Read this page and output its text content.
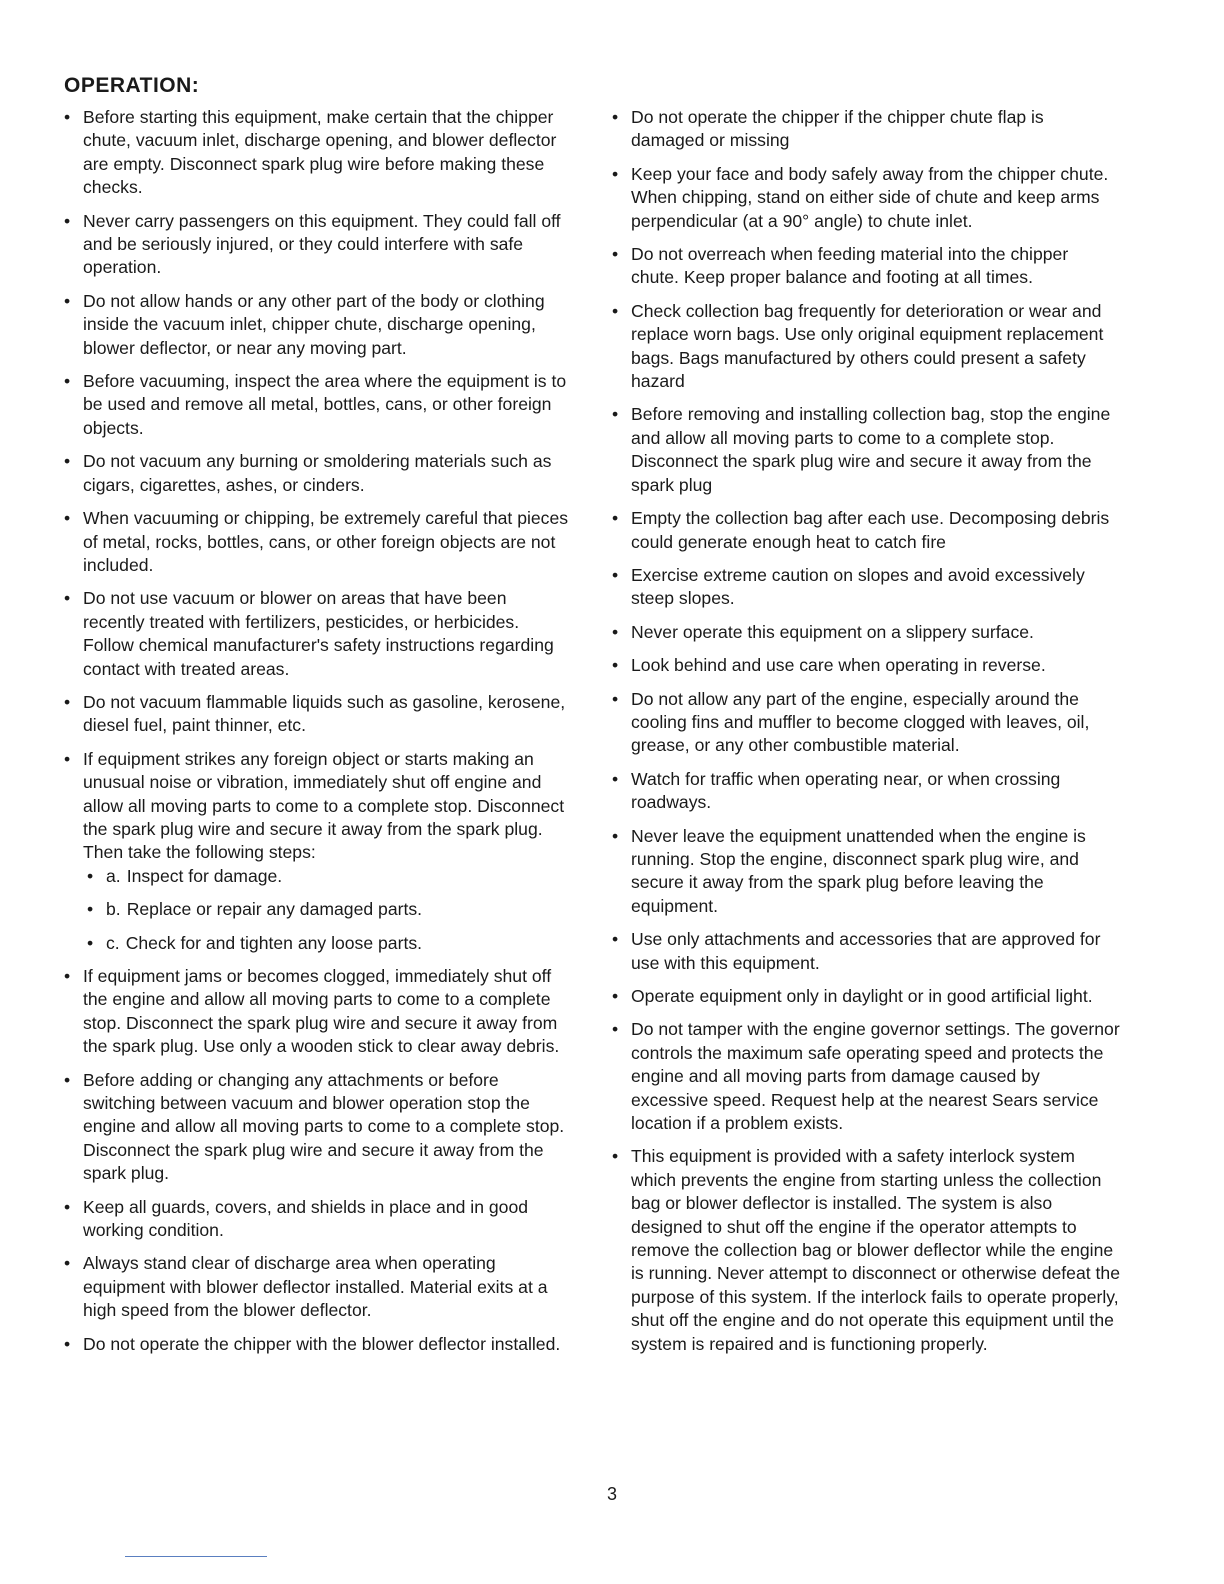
OPERATION:
• Before starting this equipment, make certain that the chipper chute, vacuum inlet, discharge opening, and blower deflector are empty. Disconnect spark plug wire before making these checks.
• Never carry passengers on this equipment. They could fall off and be seriously injured, or they could interfere with safe operation.
• Do not allow hands or any other part of the body or clothing inside the vacuum inlet, chipper chute, discharge opening, blower deflector, or near any moving part.
• Before vacuuming, inspect the area where the equipment is to be used and remove all metal, bottles, cans, or other foreign objects.
• Do not vacuum any burning or smoldering materials such as cigars, cigarettes, ashes, or cinders.
• When vacuuming or chipping, be extremely careful that pieces of metal, rocks, bottles, cans, or other foreign objects are not included.
• Do not use vacuum or blower on areas that have been recently treated with fertilizers, pesticides, or herbicides. Follow chemical manufacturer's safety instructions regarding contact with treated areas.
• Do not vacuum flammable liquids such as gasoline, kerosene, diesel fuel, paint thinner, etc.
• If equipment strikes any foreign object or starts making an unusual noise or vibration, immediately shut off engine and allow all moving parts to come to a complete stop. Disconnect the spark plug wire and secure it away from the spark plug. Then take the following steps:
• a. Inspect for damage.
• b. Replace or repair any damaged parts.
• c. Check for and tighten any loose parts.
• If equipment jams or becomes clogged, immediately shut off the engine and allow all moving parts to come to a complete stop. Disconnect the spark plug wire and secure it away from the spark plug. Use only a wooden stick to clear away debris.
• Before adding or changing any attachments or before switching between vacuum and blower operation stop the engine and allow all moving parts to come to a complete stop. Disconnect the spark plug wire and secure it away from the spark plug.
• Keep all guards, covers, and shields in place and in good working condition.
• Always stand clear of discharge area when operating equipment with blower deflector installed. Material exits at a high speed from the blower deflector.
• Do not operate the chipper with the blower deflector installed.
• Do not operate the chipper if the chipper chute flap is damaged or missing
• Keep your face and body safely away from the chipper chute. When chipping, stand on either side of chute and keep arms perpendicular (at a 90° angle) to chute inlet.
• Do not overreach when feeding material into the chipper chute. Keep proper balance and footing at all times.
• Check collection bag frequently for deterioration or wear and replace worn bags. Use only original equipment replacement bags. Bags manufactured by others could present a safety hazard
• Before removing and installing collection bag, stop the engine and allow all moving parts to come to a complete stop. Disconnect the spark plug wire and secure it away from the spark plug
• Empty the collection bag after each use. Decomposing debris could generate enough heat to catch fire
• Exercise extreme caution on slopes and avoid excessively steep slopes.
• Never operate this equipment on a slippery surface.
• Look behind and use care when operating in reverse.
• Do not allow any part of the engine, especially around the cooling fins and muffler to become clogged with leaves, oil, grease, or any other combustible material.
• Watch for traffic when operating near, or when crossing roadways.
• Never leave the equipment unattended when the engine is running. Stop the engine, disconnect spark plug wire, and secure it away from the spark plug before leaving the equipment.
• Use only attachments and accessories that are approved for use with this equipment.
• Operate equipment only in daylight or in good artificial light.
• Do not tamper with the engine governor settings. The governor controls the maximum safe operating speed and protects the engine and all moving parts from damage caused by excessive speed. Request help at the nearest Sears service location if a problem exists.
• This equipment is provided with a safety interlock system which prevents the engine from starting unless the collection bag or blower deflector is installed. The system is also designed to shut off the engine if the operator attempts to remove the collection bag or blower deflector while the engine is running. Never attempt to disconnect or otherwise defeat the purpose of this system. If the interlock fails to operate properly, shut off the engine and do not operate this equipment until the system is repaired and is functioning properly.
3
